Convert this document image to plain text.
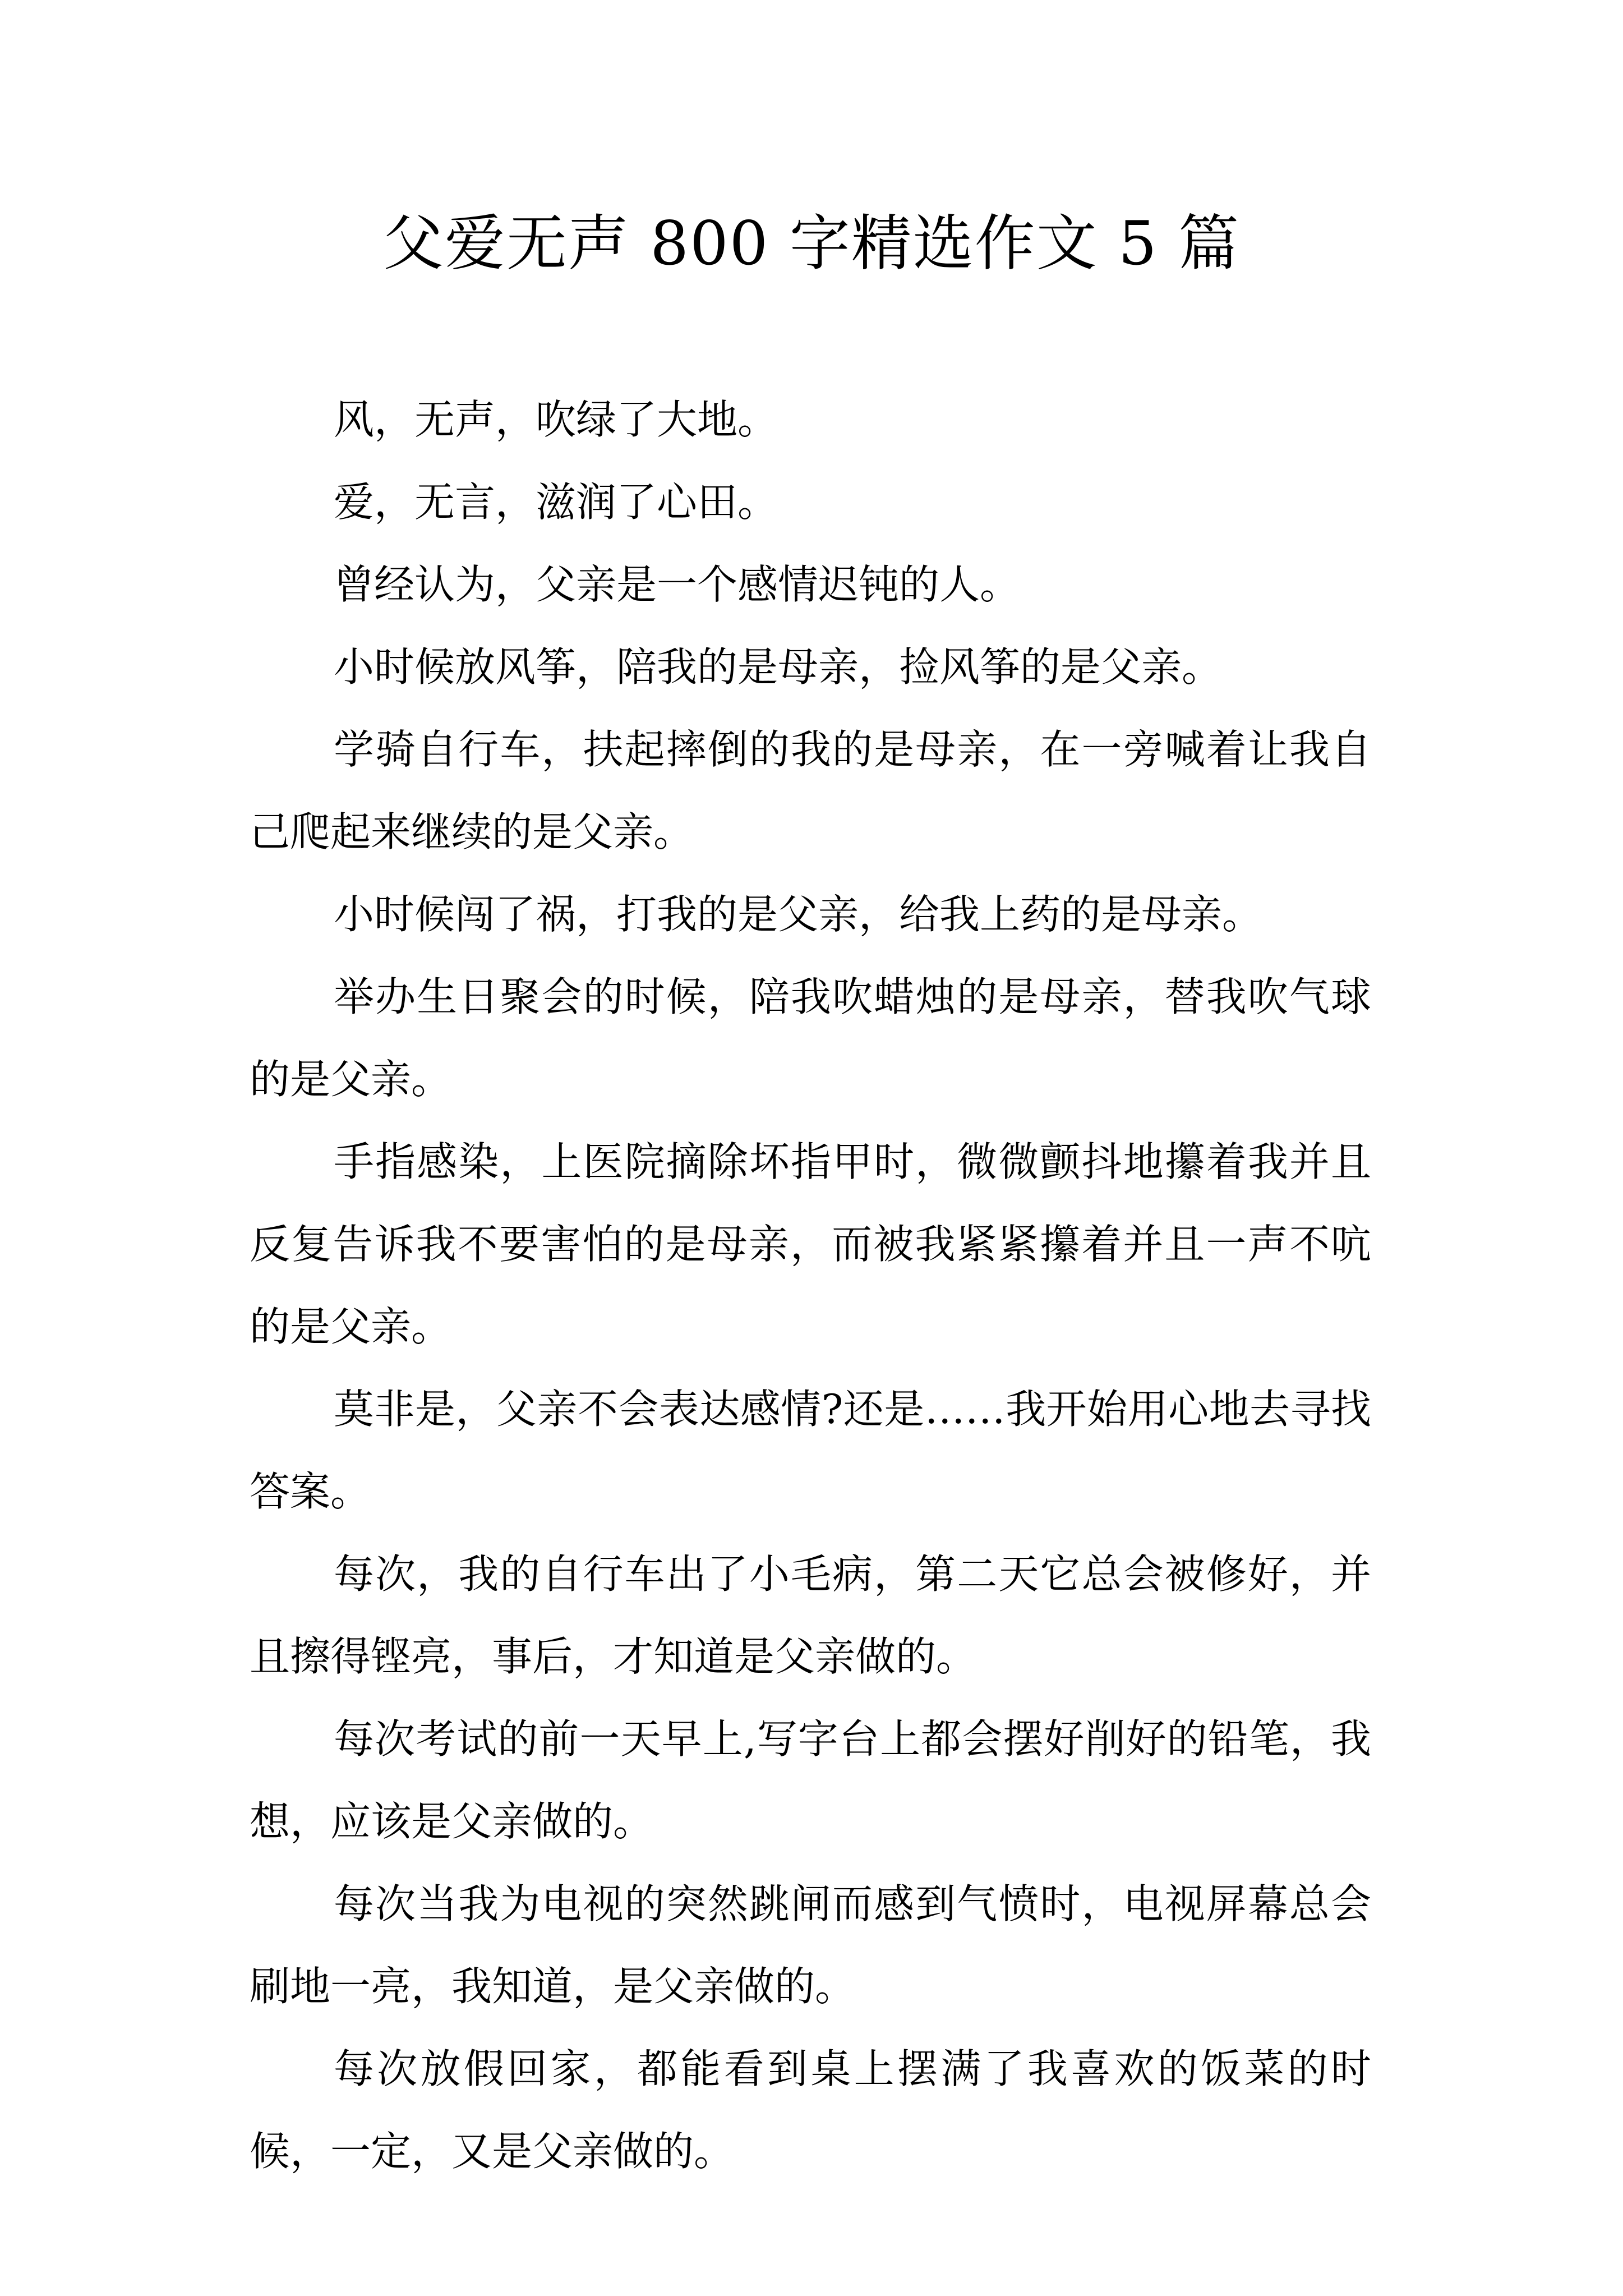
父爱无声 800 字精选作文 5 篇

风，无声，吹绿了大地。

爱，无言，滋润了心田。

曾经认为，父亲是一个感情迟钝的人。

小时候放风筝，陪我的是母亲，捡风筝的是父亲。

学骑自行车，扶起摔倒的我的是母亲，在一旁喊着让我自己爬起来继续的是父亲。

小时候闯了祸，打我的是父亲，给我上药的是母亲。

举办生日聚会的时候，陪我吹蜡烛的是母亲，替我吹气球的是父亲。

手指感染，上医院摘除坏指甲时，微微颤抖地攥着我并且反复告诉我不要害怕的是母亲，而被我紧紧攥着并且一声不吭的是父亲。

莫非是，父亲不会表达感情?还是……我开始用心地去寻找答案。

每次，我的自行车出了小毛病，第二天它总会被修好，并且擦得铿亮，事后，才知道是父亲做的。

每次考试的前一天早上,写字台上都会摆好削好的铅笔，我想，应该是父亲做的。

每次当我为电视的突然跳闸而感到气愤时，电视屏幕总会刷地一亮，我知道，是父亲做的。

每次放假回家，都能看到桌上摆满了我喜欢的饭菜的时候，一定，又是父亲做的。
